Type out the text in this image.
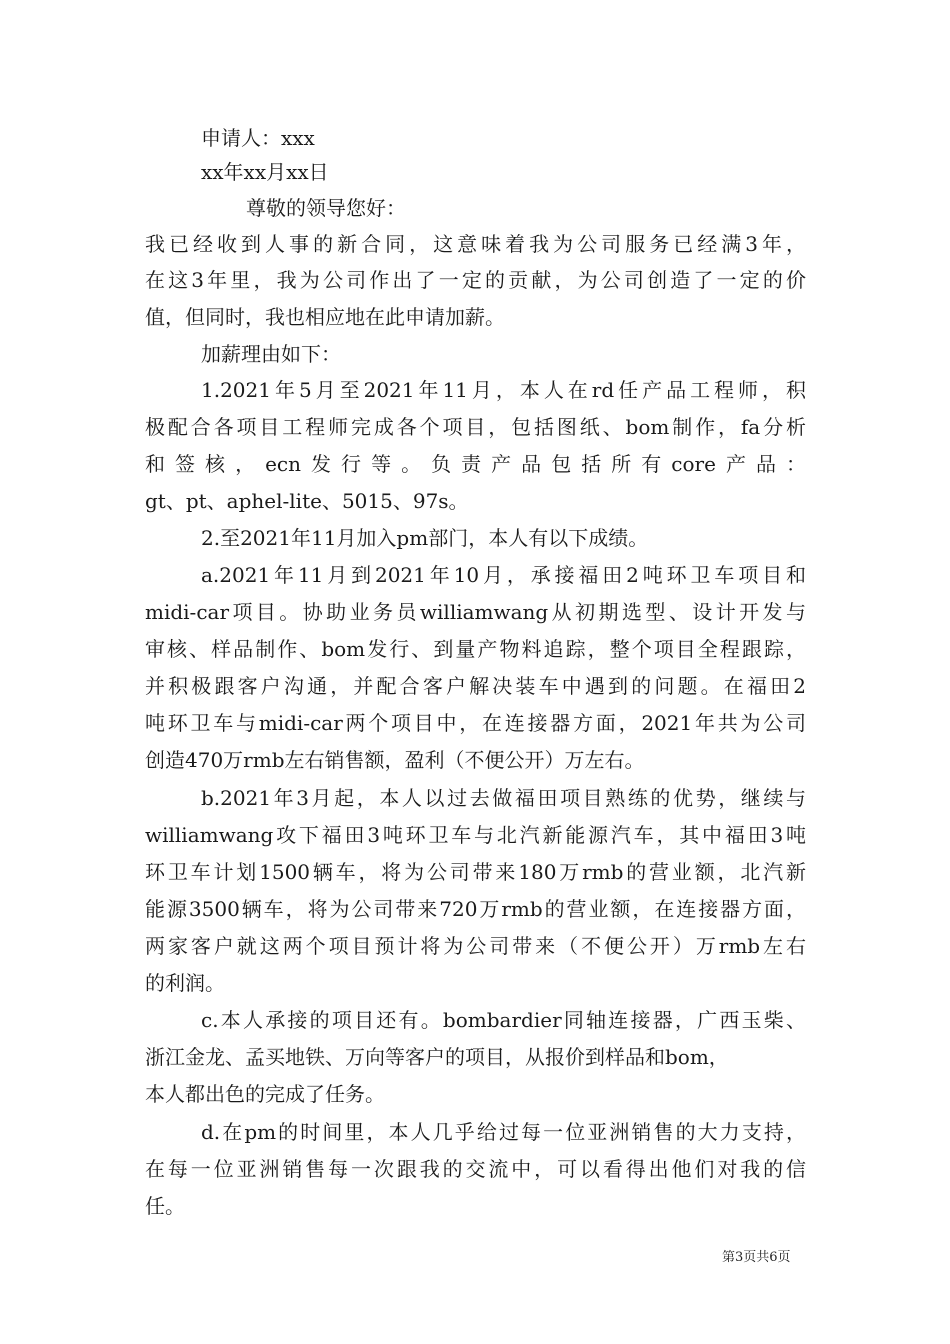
申请人：xxx
xx年xx月xx日
尊敬的领导您好：
我已经收到人事的新合同，这意味着我为公司服务已经满3年，
在这3年里，我为公司作出了一定的贡献，为公司创造了一定的价
值，但同时，我也相应地在此申请加薪。
加薪理由如下：
1.2021年5月至2021年11月，本人在rd任产品工程师，积
极配合各项目工程师完成各个项目，包括图纸、bom制作，fa分析
和签核，ecn发行等。负责产品包括所有core产品：
gt、pt、aphel-lite、5015、97s。
2.至2021年11月加入pm部门，本人有以下成绩。
a.2021年11月到2021年10月，承接福田2吨环卫车项目和
midi-car项目。协助业务员williamwang从初期选型、设计开发与
审核、样品制作、bom发行、到量产物料追踪，整个项目全程跟踪，
并积极跟客户沟通，并配合客户解决装车中遇到的问题。在福田2
吨环卫车与midi-car两个项目中，在连接器方面，2021年共为公司
创造470万rmb左右销售额，盈利（不便公开）万左右。
b.2021年3月起，本人以过去做福田项目熟练的优势，继续与
williamwang攻下福田3吨环卫车与北汽新能源汽车，其中福田3吨
环卫车计划1500辆车，将为公司带来180万rmb的营业额，北汽新
能源3500辆车，将为公司带来720万rmb的营业额，在连接器方面，
两家客户就这两个项目预计将为公司带来（不便公开）万rmb左右
的利润。
c.本人承接的项目还有。bombardier同轴连接器，广西玉柴、
浙江金龙、孟买地铁、万向等客户的项目，从报价到样品和bom，
本人都出色的完成了任务。
d.在pm的时间里，本人几乎给过每一位亚洲销售的大力支持，
在每一位亚洲销售每一次跟我的交流中，可以看得出他们对我的信
任。
第3页共6页
